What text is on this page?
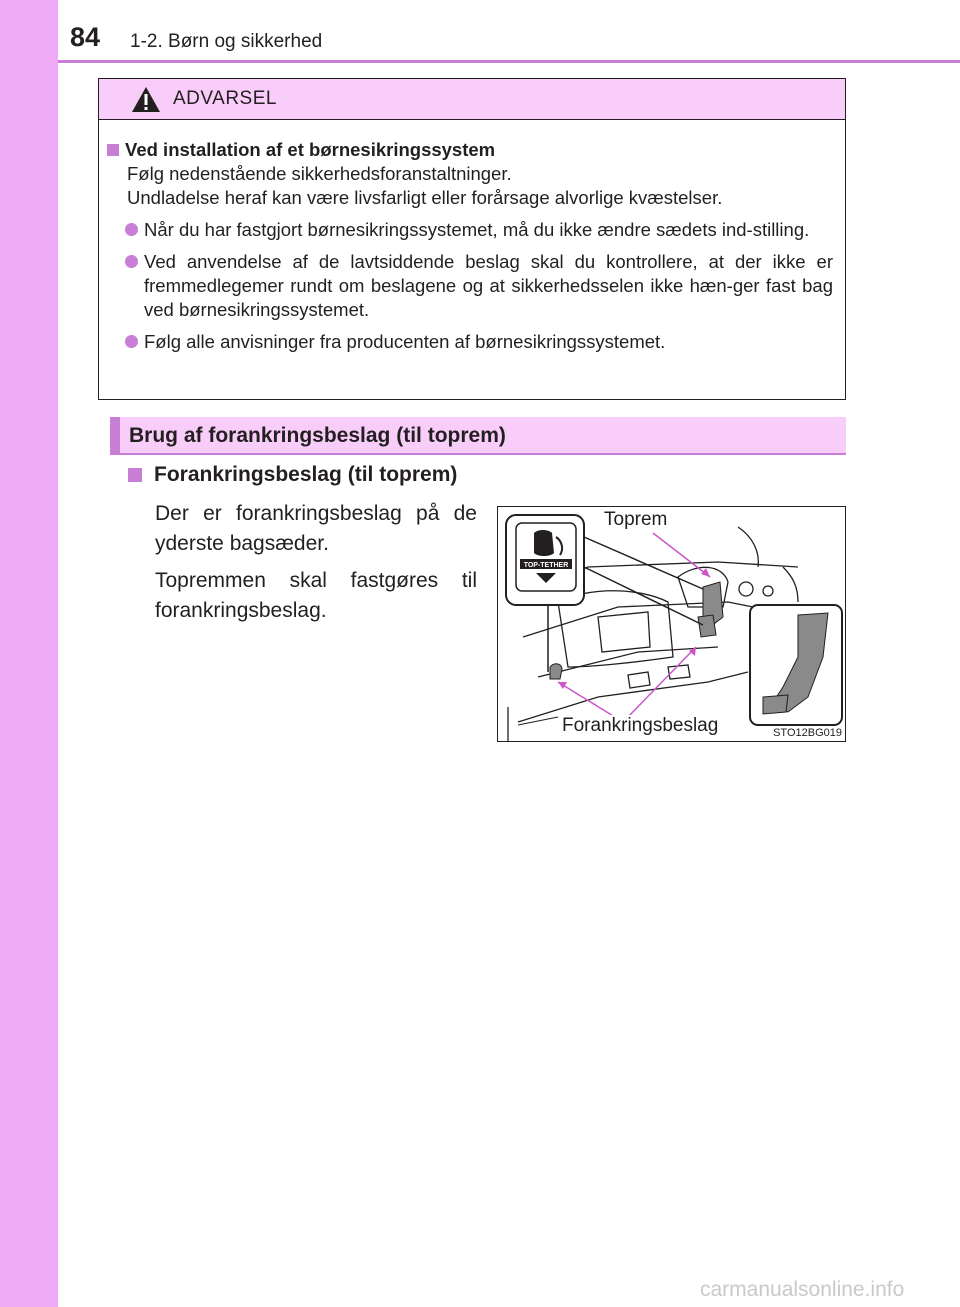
84 1-2. Børn og sikkerhed
ADVARSEL
Ved installation af et børnesikringssystem
Følg nedenstående sikkerhedsforanstaltninger.
Undladelse heraf kan være livsfarligt eller forårsage alvorlige kvæstelser.
Når du har fastgjort børnesikringssystemet, må du ikke ændre sædets ind-stilling.
Ved anvendelse af de lavtsiddende beslag skal du kontrollere, at der ikke er fremmedlegemer rundt om beslagene og at sikkerhedsselen ikke hæn-ger fast bag ved børnesikringssystemet.
Følg alle anvisninger fra producenten af børnesikringssystemet.
Brug af forankringsbeslag (til toprem)
Forankringsbeslag (til toprem)
Der er forankringsbeslag på de yderste bagsæder.
Topremmen skal fastgøres til forankringsbeslag.
TOP-TETHER
Toprem
Forankringsbeslag	STO12BG019
carmanualsonline.info
